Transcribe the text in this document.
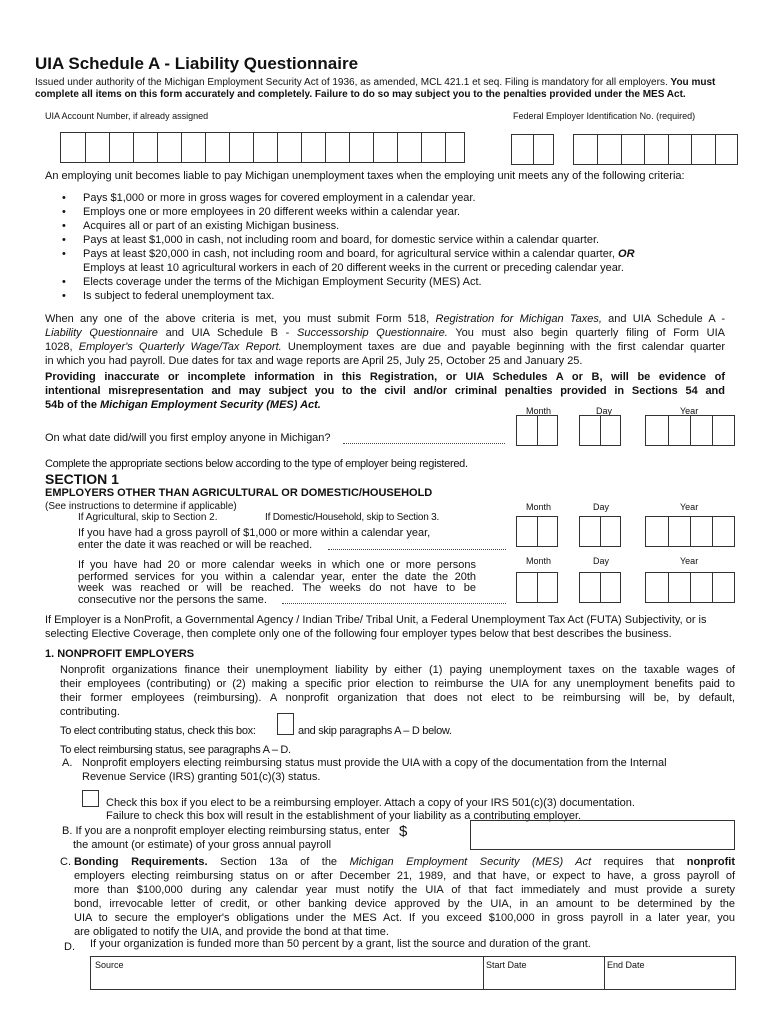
UIA Schedule A - Liability Questionnaire
Issued under authority of the Michigan Employment Security Act of 1936, as amended, MCL 421.1 et seq. Filing is mandatory for all employers. You must
complete all items on this form accurately and completely. Failure to do so may subject you to the penalties provided under the MES Act.
UIA Account Number, if already assigned	Federal Employer Identification No. (required)
An employing unit becomes liable to pay Michigan unemployment taxes when the employing unit meets any of the following criteria:
• Pays $1,000 or more in gross wages for covered employment in a calendar year.
• Employs one or more employees in 20 different weeks within a calendar year.
• Acquires all or part of an existing Michigan business.
• Pays at least $1,000 in cash, not including room and board, for domestic service within a calendar quarter.
• Pays at least $20,000 in cash, not including room and board, for agricultural service within a calendar quarter, OR
Employs at least 10 agricultural workers in each of 20 different weeks in the current or preceding calendar year.
• Elects coverage under the terms of the Michigan Employment Security (MES) Act.
• Is subject to federal unemployment tax.
When any one of the above criteria is met, you must submit Form 518, Registration for Michigan Taxes, and UIA Schedule A -
Liability Questionnaire and UIA Schedule B - Successorship Questionnaire. You must also begin quarterly filing of Form UIA
1028, Employer's Quarterly Wage/Tax Report. Unemployment taxes are due and payable beginning with the first calendar quarter
in which you had payroll. Due dates for tax and wage reports are April 25, July 25, October 25 and January 25.
Providing inaccurate or incomplete information in this Registration, or UIA Schedules A or B, will be evidence of
intentional misrepresentation and may subject you to the civil and/or criminal penalties provided in Sections 54 and
54b of the Michigan Employment Security (MES) Act.	Month	Day	Year
On what date did/will you first employ anyone in Michigan?
Complete the appropriate sections below according to the type of employer being registered.
SECTION 1
EMPLOYERS OTHER THAN AGRICULTURAL OR DOMESTIC/HOUSEHOLD
(See instructions to determine if applicable)
If Agricultural, skip to Section 2.	If Domestic/Household, skip to Section 3.
Month	Day	Year
If you have had a gross payroll of $1,000 or more within a calendar year,
enter the date it was reached or will be reached.
Month	Day	Year
If you have had 20 or more calendar weeks in which one or more persons
performed services for you within a calendar year, enter the date the 20th
week was reached or will be reached. The weeks do not have to be
consecutive nor the persons the same.
If Employer is a NonProfit, a Governmental Agency / Indian Tribe/ Tribal Unit, a Federal Unemployment Tax Act (FUTA) Subjectivity, or is
selecting Elective Coverage, then complete only one of the following four employer types below that best describes the business.
1. NONPROFIT EMPLOYERS
Nonprofit organizations finance their unemployment liability by either (1) paying unemployment taxes on the taxable wages of
their employees (contributing) or (2) making a specific prior election to reimburse the UIA for any unemployment benefits paid to
their former employees (reimbursing). A nonprofit organization that does not elect to be reimbursing will be, by default,
contributing.
To elect contributing status, check this box:	and skip paragraphs A – D below.
To elect reimbursing status, see paragraphs A – D.
A. Nonprofit employers electing reimbursing status must provide the UIA with a copy of the documentation from the Internal
Revenue Service (IRS) granting 501(c)(3) status.
Check this box if you elect to be a reimbursing employer. Attach a copy of your IRS 501(c)(3) documentation.
Failure to check this box will result in the establishment of your liability as a contributing employer.
B. If you are a nonprofit employer electing reimbursing status, enter
the amount (or estimate) of your gross annual payroll
$
C. Bonding Requirements. Section 13a of the Michigan Employment Security (MES) Act requires that nonprofit
employers electing reimbursing status on or after December 21, 1989, and that have, or expect to have, a gross payroll of
more than $100,000 during any calendar year must notify the UIA of that fact immediately and must provide a surety
bond, irrevocable letter of credit, or other banking device approved by the UIA, in an amount to be determined by the
UIA to secure the employer's obligations under the MES Act. If you exceed $100,000 in gross payroll in a later year, you
are obligated to notify the UIA, and provide the bond at that time.
D. If your organization is funded more than 50 percent by a grant, list the source and duration of the grant.
Source	Start Date	End Date
